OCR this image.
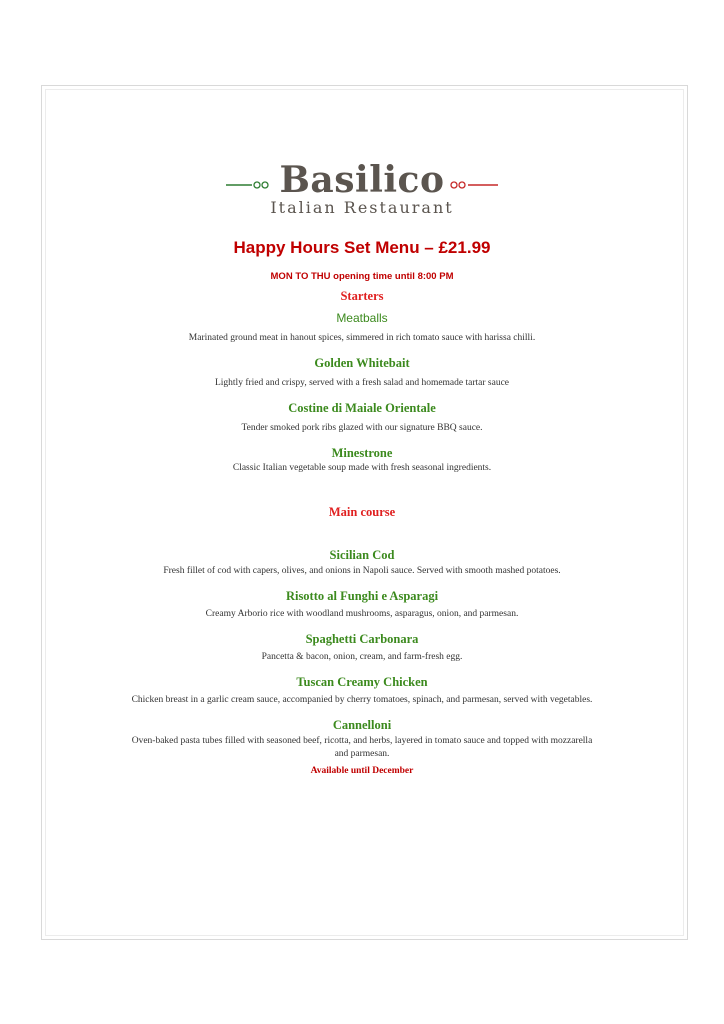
Basilico
Italian Restaurant
Happy Hours Set Menu – £21.99
MON TO THU opening time until 8:00 PM
Starters
Meatballs
Marinated ground meat in hanout spices, simmered in rich tomato sauce with harissa chilli.
Golden Whitebait
Lightly fried and crispy, served with a fresh salad and homemade tartar sauce
Costine di Maiale Orientale
Tender smoked pork ribs glazed with our signature BBQ sauce.
Minestrone
Classic Italian vegetable soup made with fresh seasonal ingredients.
Main course
Sicilian Cod
Fresh fillet of cod with capers, olives, and onions in Napoli sauce. Served with smooth mashed potatoes.
Risotto al Funghi e Asparagi
Creamy Arborio rice with woodland mushrooms, asparagus, onion, and parmesan.
Spaghetti Carbonara
Pancetta & bacon, onion, cream, and farm-fresh egg.
Tuscan Creamy Chicken
Chicken breast in a garlic cream sauce, accompanied by cherry tomatoes, spinach, and parmesan, served with vegetables.
Cannelloni
Oven-baked pasta tubes filled with seasoned beef, ricotta, and herbs, layered in tomato sauce and topped with mozzarella and parmesan.
Available until December
